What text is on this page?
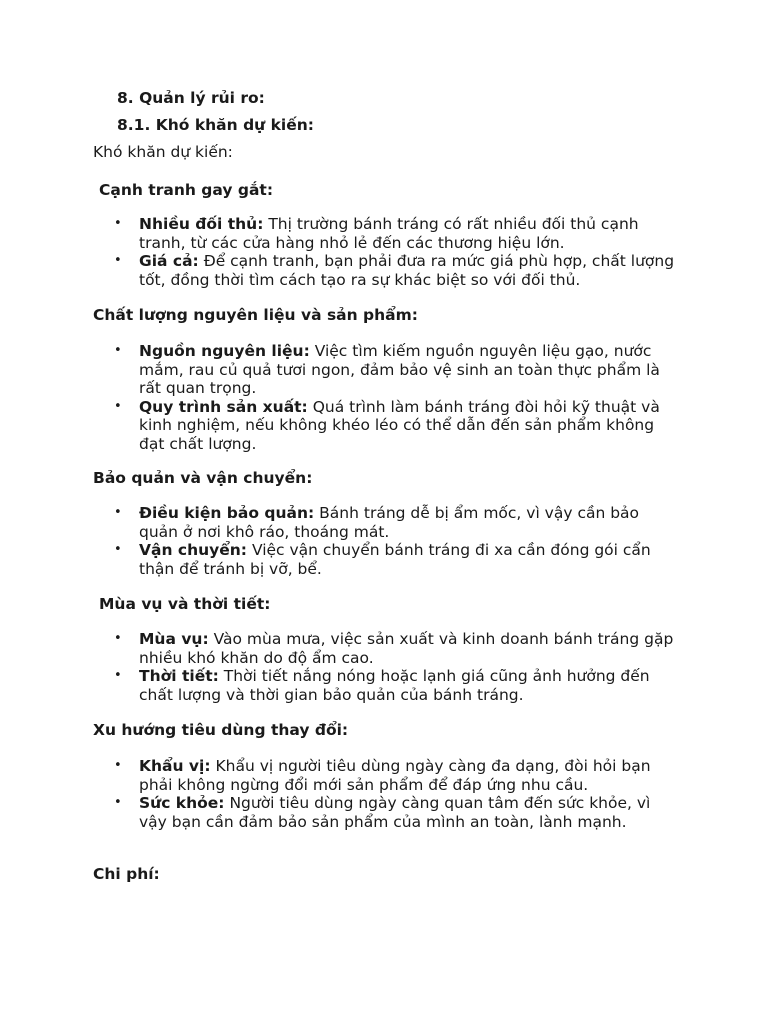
8. Quản lý rủi ro:
8.1. Khó khăn dự kiến:
Khó khăn dự kiến:
Cạnh tranh gay gắt:
• Nhiều đối thủ: Thị trường bánh tráng có rất nhiều đối thủ cạnh tranh, từ các cửa hàng nhỏ lẻ đến các thương hiệu lớn.
• Giá cả: Để cạnh tranh, bạn phải đưa ra mức giá phù hợp, chất lượng tốt, đồng thời tìm cách tạo ra sự khác biệt so với đối thủ.
Chất lượng nguyên liệu và sản phẩm:
• Nguồn nguyên liệu: Việc tìm kiếm nguồn nguyên liệu gạo, nước mắm, rau củ quả tươi ngon, đảm bảo vệ sinh an toàn thực phẩm là rất quan trọng.
• Quy trình sản xuất: Quá trình làm bánh tráng đòi hỏi kỹ thuật và kinh nghiệm, nếu không khéo léo có thể dẫn đến sản phẩm không đạt chất lượng.
Bảo quản và vận chuyển:
• Điều kiện bảo quản: Bánh tráng dễ bị ẩm mốc, vì vậy cần bảo quản ở nơi khô ráo, thoáng mát.
• Vận chuyển: Việc vận chuyển bánh tráng đi xa cần đóng gói cẩn thận để tránh bị vỡ, bể.
Mùa vụ và thời tiết:
• Mùa vụ: Vào mùa mưa, việc sản xuất và kinh doanh bánh tráng gặp nhiều khó khăn do độ ẩm cao.
• Thời tiết: Thời tiết nắng nóng hoặc lạnh giá cũng ảnh hưởng đến chất lượng và thời gian bảo quản của bánh tráng.
Xu hướng tiêu dùng thay đổi:
• Khẩu vị: Khẩu vị người tiêu dùng ngày càng đa dạng, đòi hỏi bạn phải không ngừng đổi mới sản phẩm để đáp ứng nhu cầu.
• Sức khỏe: Người tiêu dùng ngày càng quan tâm đến sức khỏe, vì vậy bạn cần đảm bảo sản phẩm của mình an toàn, lành mạnh.
Chi phí:
